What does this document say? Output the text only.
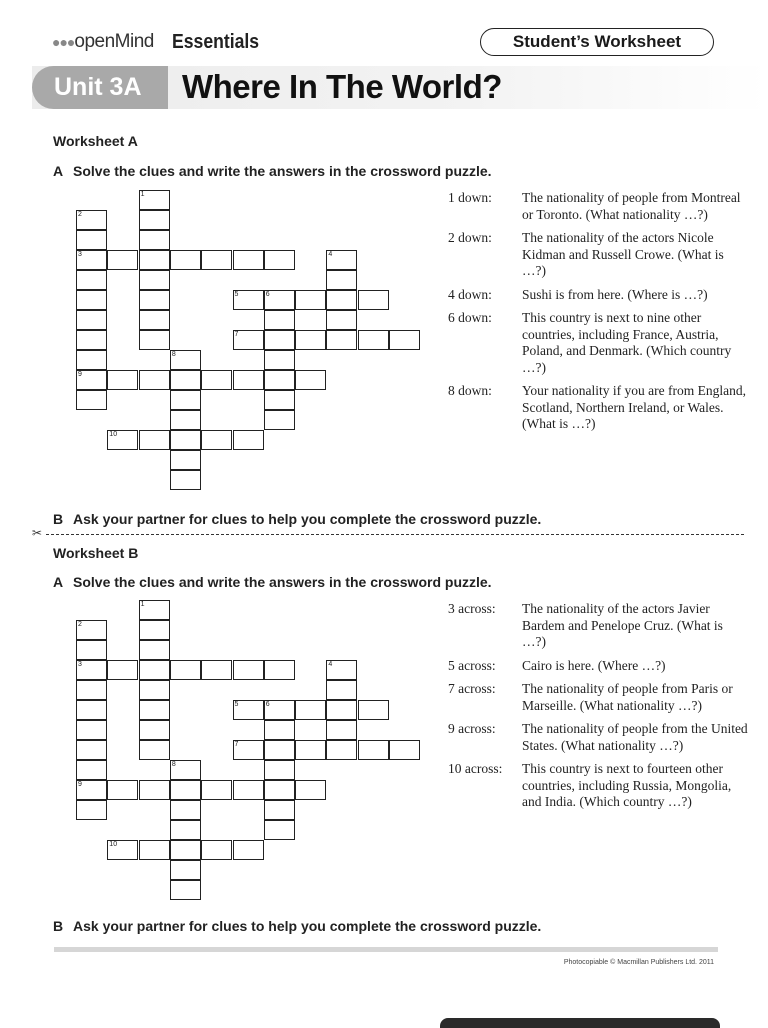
●●●openMind Essentials	Student’s Worksheet
Unit 3A	Where In The World?
Worksheet A
A Solve the clues and write the answers in the crossword puzzle.
1
2
3
9
4
5	6
7
8
10
1 down:	The nationality of people from Montreal or Toronto. (What nationality …?)
2 down:	The nationality of the actors Nicole Kidman and Russell Crowe. (What is …?)
4 down:	Sushi is from here. (Where is …?)
6 down:	This country is next to nine other countries, including France, Austria, Poland, and Denmark. (Which country …?)
8 down:	Your nationality if you are from England, Scotland, Northern Ireland, or Wales. (What is …?)
B Ask your partner for clues to help you complete the crossword puzzle.
✂
Worksheet B
A Solve the clues and write the answers in the crossword puzzle.
1
2
3
9
4
5	6
7
8
10
3 across:	The nationality of the actors Javier Bardem and Penelope Cruz. (What is …?)
5 across:	Cairo is here. (Where …?)
7 across:	The nationality of people from Paris or Marseille. (What nationality …?)
9 across:	The nationality of people from the United States. (What nationality …?)
10 across:	This country is next to fourteen other countries, including Russia, Mongolia, and India. (Which country …?)
B Ask your partner for clues to help you complete the crossword puzzle.
Photocopiable © Macmillan Publishers Ltd. 2011
